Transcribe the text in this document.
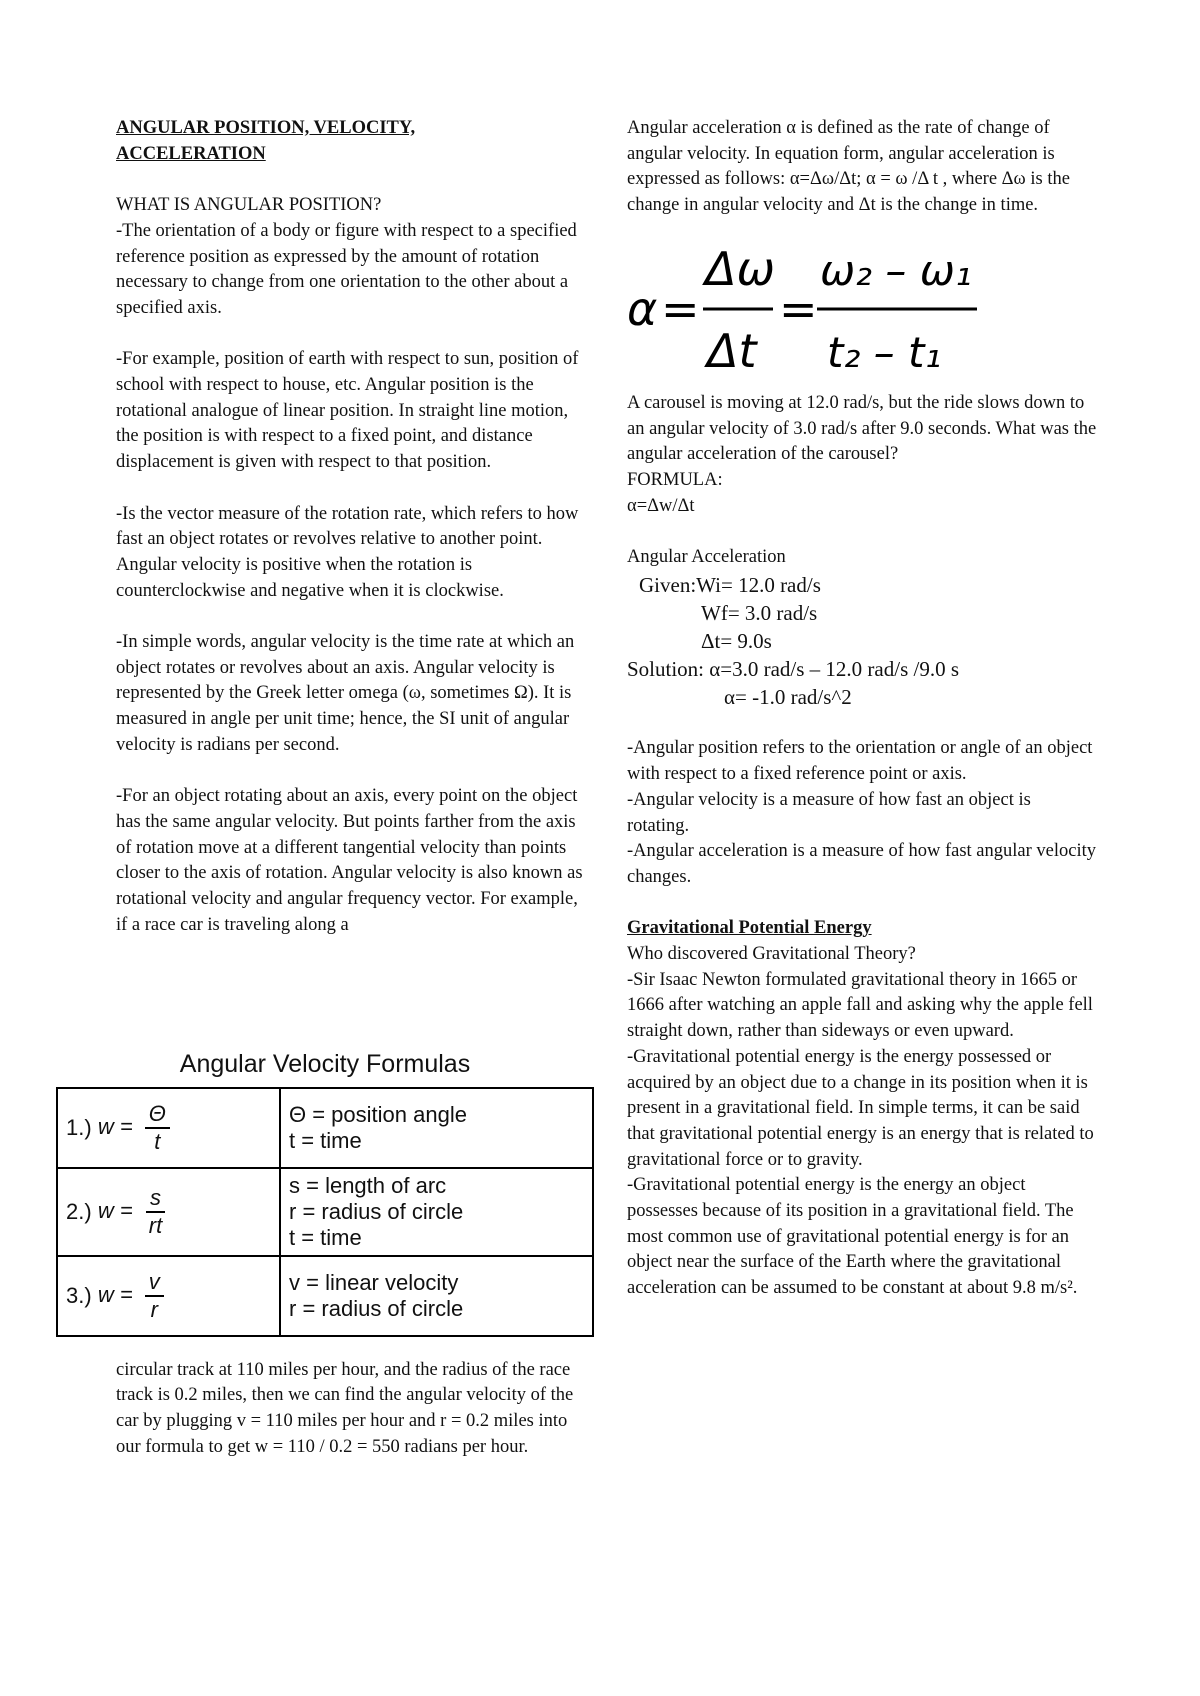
ANGULAR POSITION, VELOCITY,

ACCELERATION

WHAT IS ANGULAR POSITION?

-The orientation of a body or figure with respect to a specified reference position as expressed by the amount of rotation necessary to change from one orientation to the other about a specified axis.

-For example, position of earth with respect to sun, position of school with respect to house, etc. Angular position is the rotational analogue of linear position. In straight line motion, the position is with respect to a fixed point, and distance displacement is given with respect to that position.

-Is the vector measure of the rotation rate, which refers to how fast an object rotates or revolves relative to another point. Angular velocity is positive when the rotation is counterclockwise and negative when it is clockwise.

-In simple words, angular velocity is the time rate at which an object rotates or revolves about an axis. Angular velocity is represented by the Greek letter omega (ω, sometimes Ω). It is measured in angle per unit time; hence, the SI unit of angular velocity is radians per second.

-For an object rotating about an axis, every point on the object has the same angular velocity. But points farther from the axis of rotation move at a different tangential velocity than points closer to the axis of rotation. Angular velocity is also known as rotational velocity and angular frequency vector. For example, if a race car is traveling along a

Angular Velocity Formulas
1.) $w = \frac{\Theta}{t}$	Θ = position angle
t = time

2.) $w = \frac{s}{rt}$	s = length of arc
r = radius of circle
t = time

3.) $w = \frac{v}{r}$	v = linear velocity
r = radius of circle

circular track at 110 miles per hour, and the radius of the race track is 0.2 miles, then we can find the angular velocity of the car by plugging v = 110 miles per hour and r = 0.2 miles into our formula to get w = 110 / 0.2 = 550 radians per hour.

Angular acceleration α is defined as the rate of change of angular velocity. In equation form, angular acceleration is expressed as follows: α=Δω/Δt; α = ω /Δ t , where Δω is the change in angular velocity and Δt is the change in time.

α =
Δω
Δt
=
ω₂ – ω₁
t₂ – t₁

A carousel is moving at 12.0 rad/s, but the ride slows down to an angular velocity of 3.0 rad/s after 9.0 seconds. What was the angular acceleration of the carousel?

FORMULA:

α=Δw/Δt

Angular Acceleration

Given:Wi= 12.0 rad/s
Wf= 3.0 rad/s
Δt= 9.0s
Solution: α=3.0 rad/s – 12.0 rad/s /9.0 s
α= -1.0 rad/s^2

-Angular position refers to the orientation or angle of an object with respect to a fixed reference point or axis.

-Angular velocity is a measure of how fast an object is rotating.

-Angular acceleration is a measure of how fast angular velocity changes.

Gravitational Potential Energy

Who discovered Gravitational Theory?

-Sir Isaac Newton formulated gravitational theory in 1665 or 1666 after watching an apple fall and asking why the apple fell straight down, rather than sideways or even upward.

-Gravitational potential energy is the energy possessed or acquired by an object due to a change in its position when it is present in a gravitational field. In simple terms, it can be said that gravitational potential energy is an energy that is related to gravitational force or to gravity.

-Gravitational potential energy is the energy an object possesses because of its position in a gravitational field. The most common use of gravitational potential energy is for an object near the surface of the Earth where the gravitational acceleration can be assumed to be constant at about 9.8 m/s².
